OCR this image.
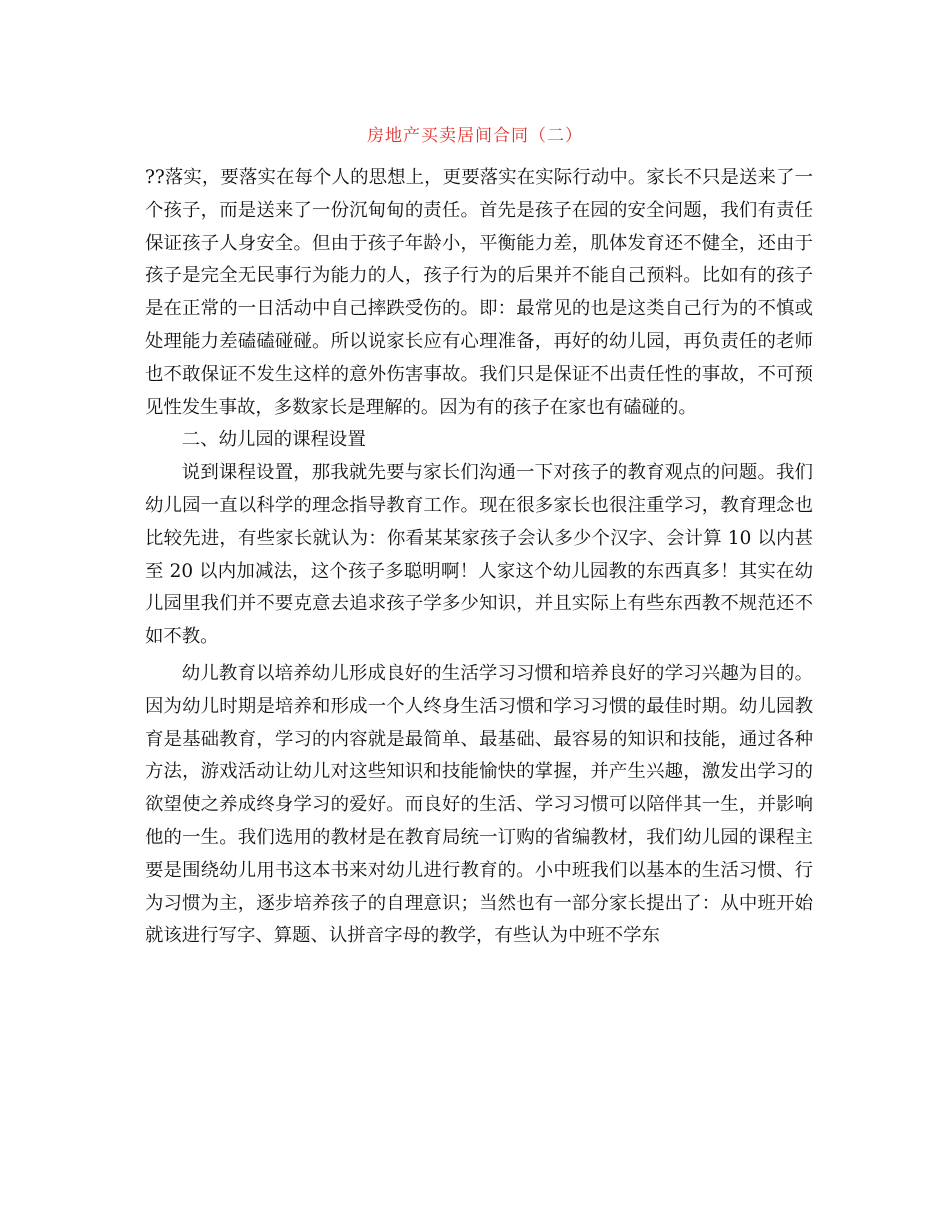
房地产买卖居间合同（二）

??落实，要落实在每个人的思想上，更要落实在实际行动中。家长不只是送来了一个孩子，而是送来了一份沉甸甸的责任。首先是孩子在园的安全问题，我们有责任保证孩子人身安全。但由于孩子年龄小，平衡能力差，肌体发育还不健全，还由于孩子是完全无民事行为能力的人，孩子行为的后果并不能自己预料。比如有的孩子是在正常的一日活动中自己摔跌受伤的。即：最常见的也是这类自己行为的不慎或处理能力差磕磕碰碰。所以说家长应有心理准备，再好的幼儿园，再负责任的老师也不敢保证不发生这样的意外伤害事故。我们只是保证不出责任性的事故，不可预见性发生事故，多数家长是理解的。因为有的孩子在家也有磕碰的。

二、幼儿园的课程设置

说到课程设置，那我就先要与家长们沟通一下对孩子的教育观点的问题。我们幼儿园一直以科学的理念指导教育工作。现在很多家长也很注重学习，教育理念也比较先进，有些家长就认为：你看某某家孩子会认多少个汉字、会计算 10 以内甚至 20 以内加减法，这个孩子多聪明啊！人家这个幼儿园教的东西真多！其实在幼儿园里我们并不要克意去追求孩子学多少知识，并且实际上有些东西教不规范还不如不教。

幼儿教育以培养幼儿形成良好的生活学习习惯和培养良好的学习兴趣为目的。因为幼儿时期是培养和形成一个人终身生活习惯和学习习惯的最佳时期。幼儿园教育是基础教育，学习的内容就是最简单、最基础、最容易的知识和技能，通过各种方法，游戏活动让幼儿对这些知识和技能愉快的掌握，并产生兴趣，激发出学习的欲望使之养成终身学习的爱好。而良好的生活、学习习惯可以陪伴其一生，并影响他的一生。我们选用的教材是在教育局统一订购的省编教材，我们幼儿园的课程主要是围绕幼儿用书这本书来对幼儿进行教育的。小中班我们以基本的生活习惯、行为习惯为主，逐步培养孩子的自理意识；当然也有一部分家长提出了：从中班开始就该进行写字、算题、认拼音字母的教学，有些认为中班不学东
